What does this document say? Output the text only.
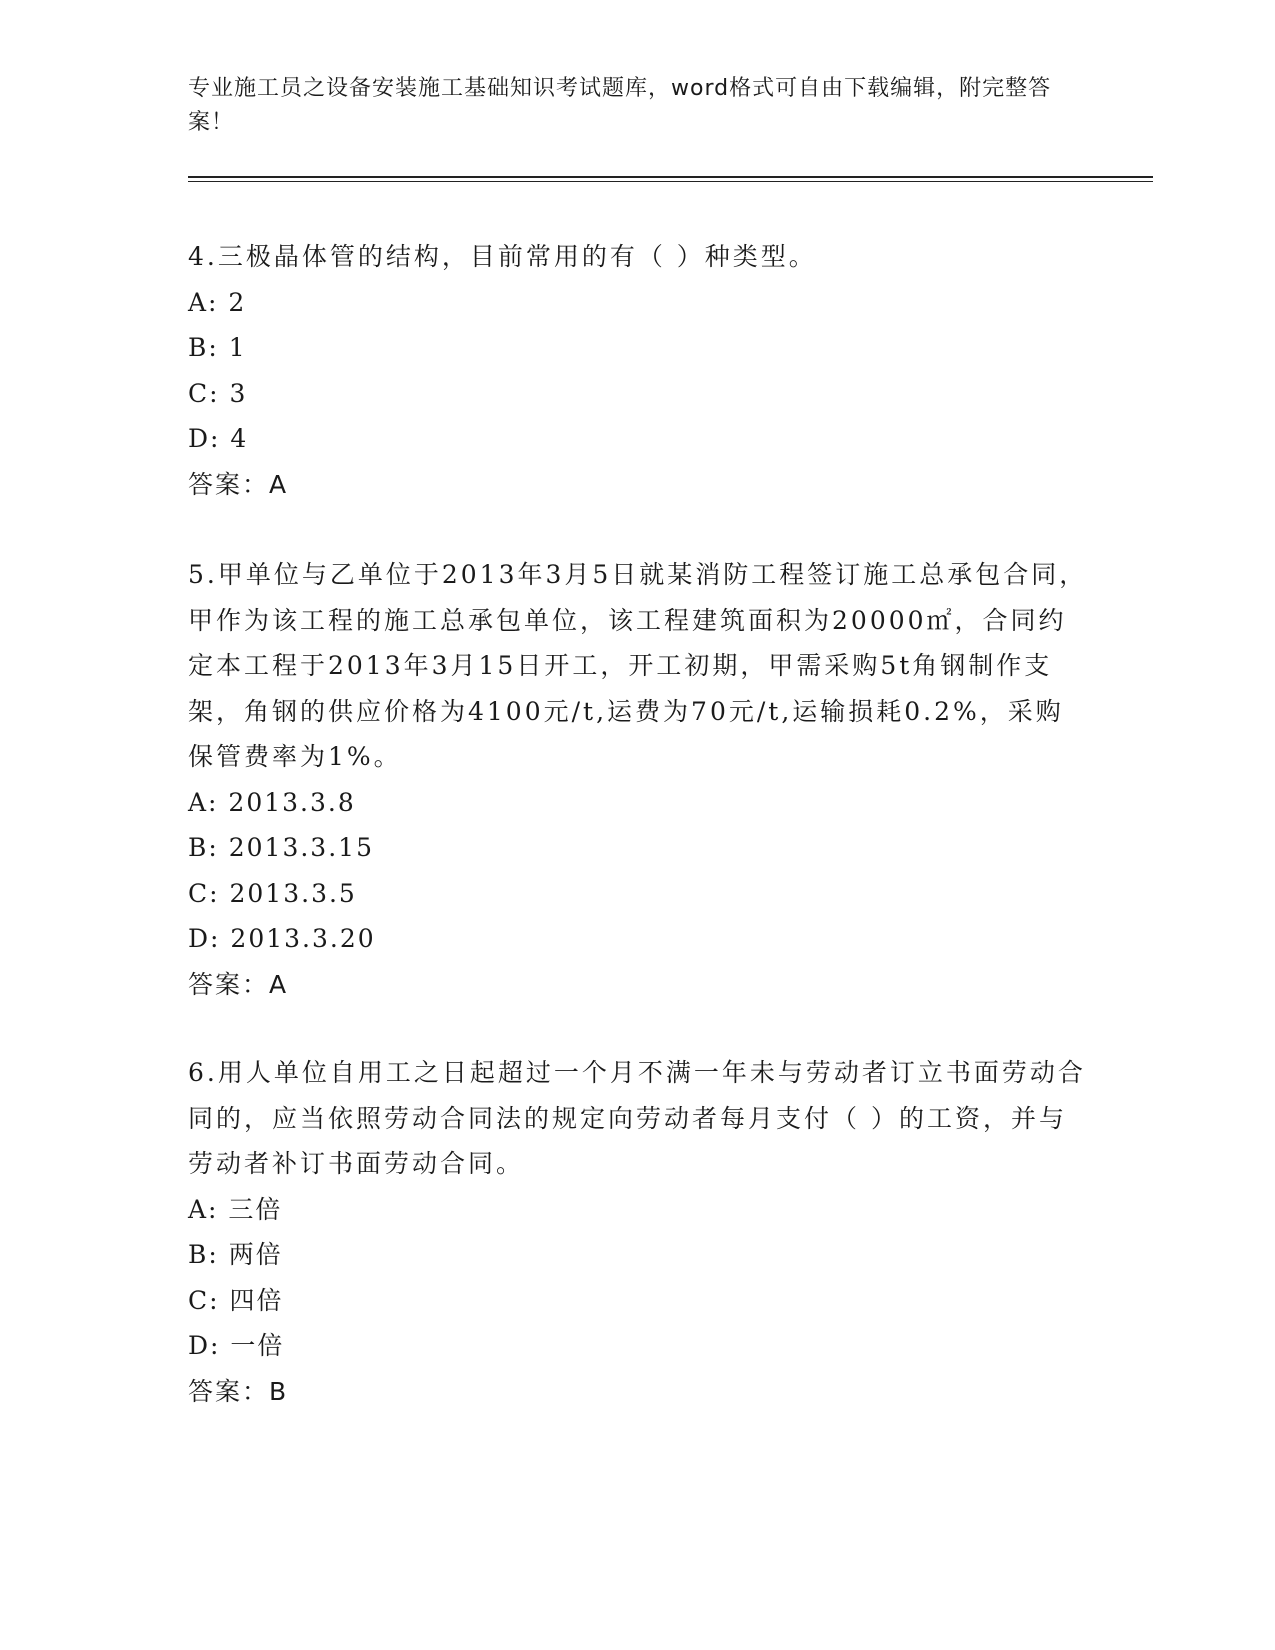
专业施工员之设备安装施工基础知识考试题库，word格式可自由下载编辑，附完整答案！

4.三极晶体管的结构，目前常用的有（ ）种类型。

A: 2
B: 1
C: 3
D: 4
答案：A

5.甲单位与乙单位于2013年3月5日就某消防工程签订施工总承包合同，甲作为该工程的施工总承包单位，该工程建筑面积为20000㎡，合同约定本工程于2013年3月15日开工，开工初期，甲需采购5t角钢制作支架，角钢的供应价格为4100元/t,运费为70元/t,运输损耗0.2%，采购保管费率为1%。

A: 2013.3.8
B: 2013.3.15
C: 2013.3.5
D: 2013.3.20
答案：A

6.用人单位自用工之日起超过一个月不满一年未与劳动者订立书面劳动合同的，应当依照劳动合同法的规定向劳动者每月支付（ ）的工资，并与劳动者补订书面劳动合同。

A: 三倍
B: 两倍
C: 四倍
D: 一倍
答案：B
